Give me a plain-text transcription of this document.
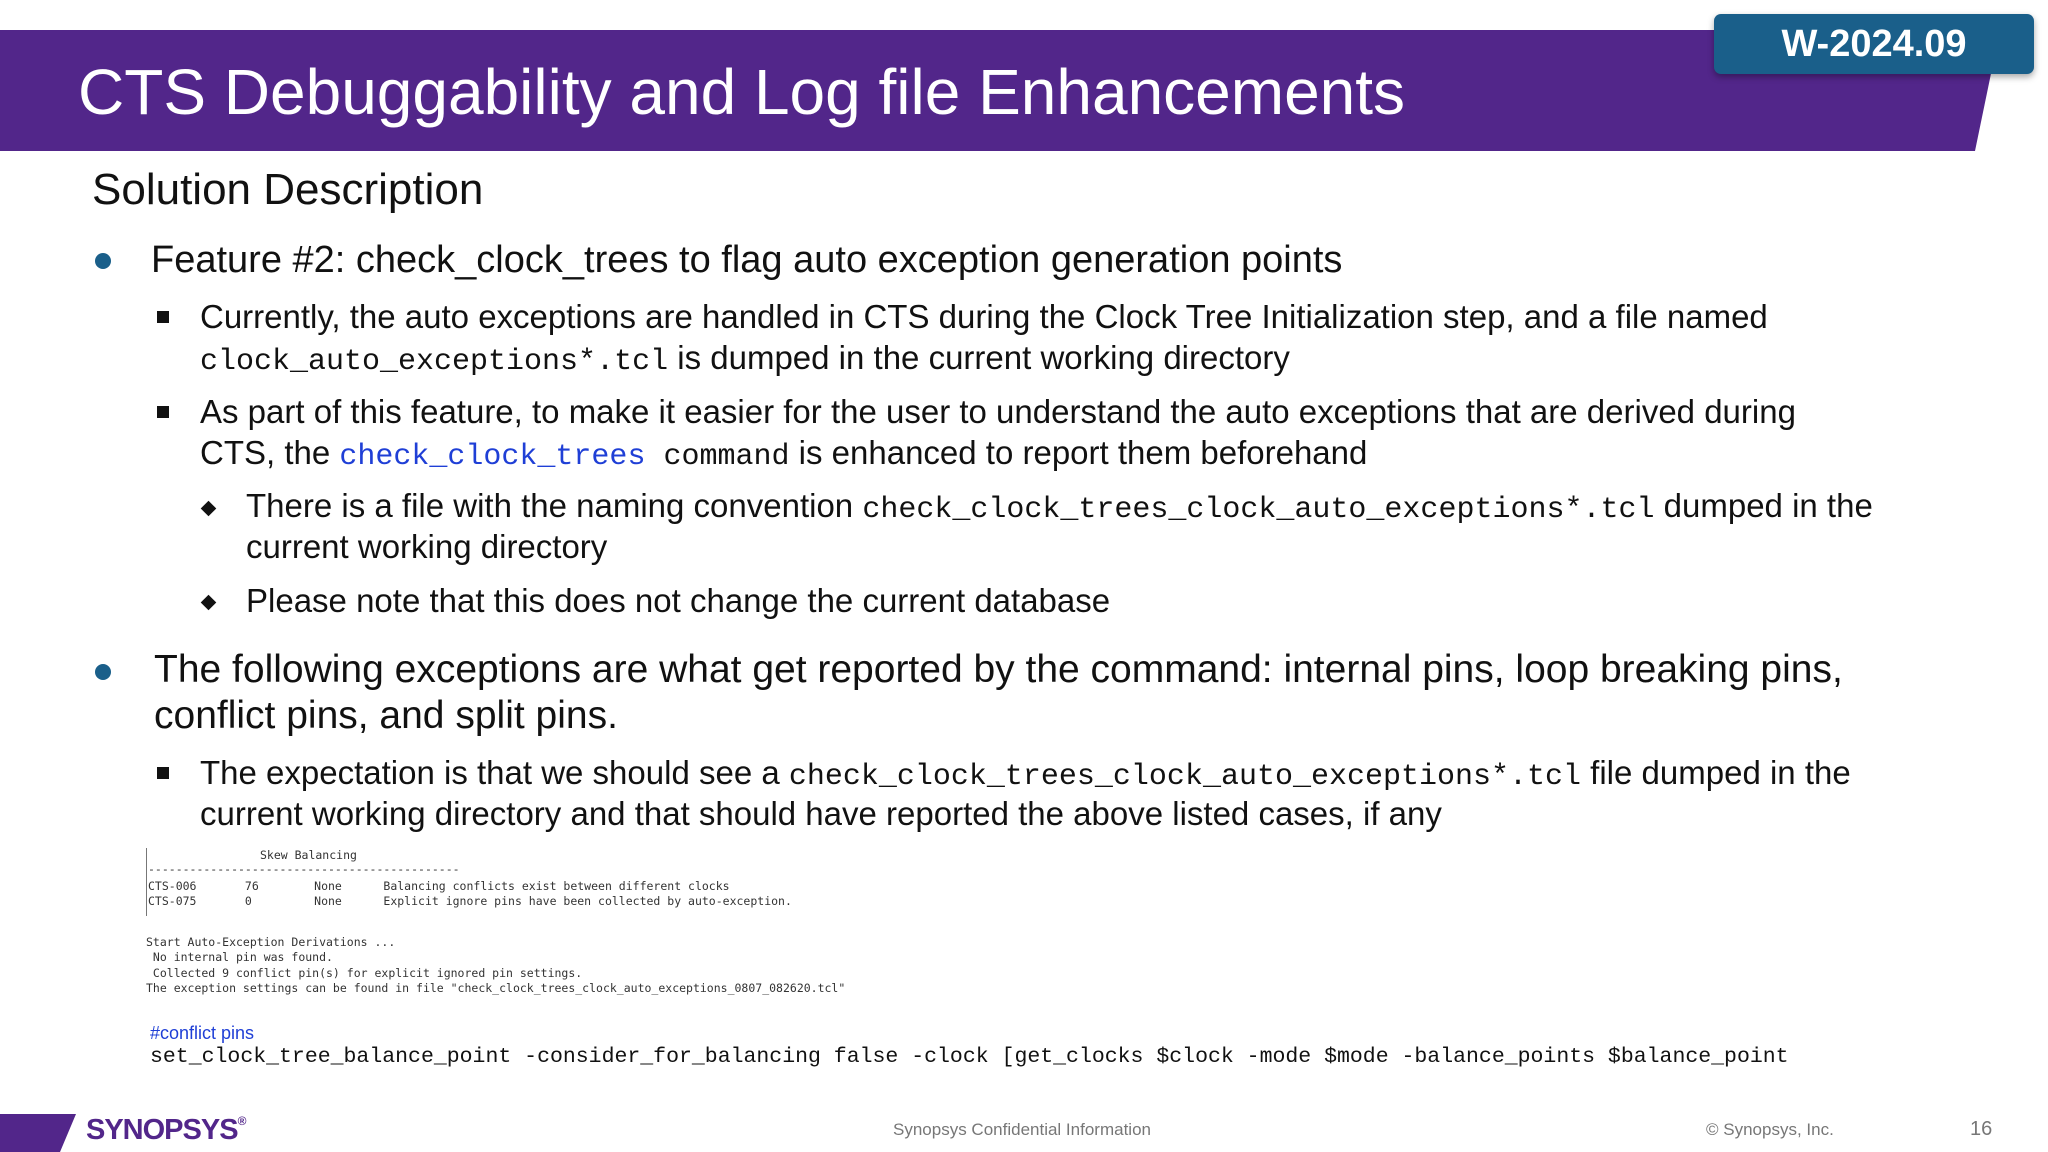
CTS Debuggability and Log file Enhancements
W-2024.09
Solution Description
Feature #2: check_clock_trees to flag auto exception generation points
Currently, the auto exceptions are handled in CTS during the Clock Tree Initialization step, and a file named
clock_auto_exceptions*.tcl is dumped in the current working directory
As part of this feature, to make it easier for the user to understand the auto exceptions that are derived during
CTS, the check_clock_trees command is enhanced to report them beforehand
There is a file with the naming convention check_clock_trees_clock_auto_exceptions*.tcl dumped in the
current working directory
Please note that this does not change the current database
The following exceptions are what get reported by the command: internal pins, loop breaking pins,
conflict pins, and split pins.
The expectation is that we should see a check_clock_trees_clock_auto_exceptions*.tcl file dumped in the
current working directory and that should have reported the above listed cases, if any
Skew Balancing
---------------------------------------------
CTS-006       76        None      Balancing conflicts exist between different clocks
CTS-075       0         None      Explicit ignore pins have been collected by auto-exception.
Start Auto-Exception Derivations ...
No internal pin was found.
Collected 9 conflict pin(s) for explicit ignored pin settings.
The exception settings can be found in file "check_clock_trees_clock_auto_exceptions_0807_082620.tcl"
#conflict pins
set_clock_tree_balance_point -consider_for_balancing false -clock [get_clocks $clock -mode $mode -balance_points $balance_point
SYNOPSYS®	Synopsys Confidential Information	© Synopsys, Inc.	16
